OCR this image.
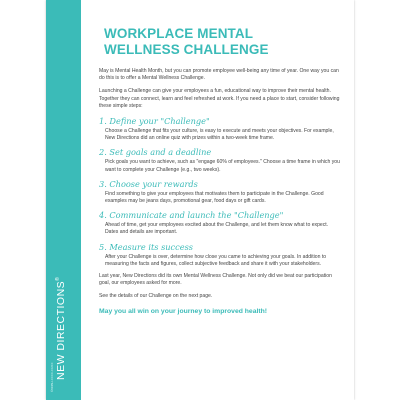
NEW DIRECTIONS®
©NDBH-XXXX-XX/XX
WORKPLACE MENTAL
WELLNESS CHALLENGE

May is Mental Health Month, but you can promote employee well-being any time of year. One way you can do this is to offer a Mental Wellness Challenge.

Launching a Challenge can give your employees a fun, educational way to improve their mental health. Together they can connect, learn and feel refreshed at work. If you need a place to start, consider following these simple steps:

1. Define your "Challenge"
Choose a Challenge that fits your culture, is easy to execute and meets your objectives. For example, New Directions did an online quiz with prizes within a two-week time frame.
2. Set goals and a deadline
Pick goals you want to achieve, such as "engage 60% of employees." Choose a time frame in which you want to complete your Challenge (e.g., two weeks).
3. Choose your rewards
Find something to give your employees that motivates them to participate in the Challenge. Good examples may be jeans days, promotional gear, food days or gift cards.
4. Communicate and launch the "Challenge"
Ahead of time, get your employees excited about the Challenge, and let them know what to expect. Dates and details are important.
5. Measure its success
After your Challenge is over, determine how close you came to achieving your goals. In addition to measuring the facts and figures, collect subjective feedback and share it with your stakeholders.

Last year, New Directions did its own Mental Wellness Challenge. Not only did we beat our participation goal, our employees asked for more.

See the details of our Challenge on the next page.

May you all win on your journey to improved health!
